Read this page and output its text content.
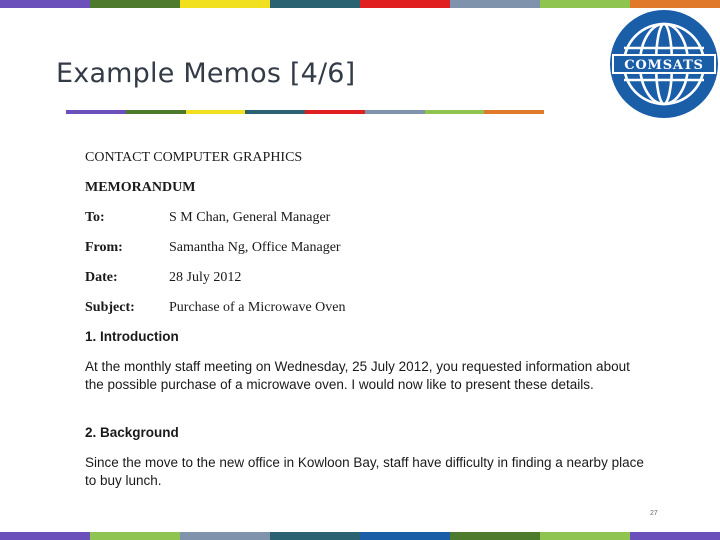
Example Memos [4/6]	COMSATS
CONTACT COMPUTER GRAPHICS
MEMORANDUM
To:	S M Chan, General Manager
From:	Samantha Ng, Office Manager
Date:	28 July 2012
Subject: Purchase of a Microwave Oven
1. Introduction
At the monthly staff meeting on Wednesday, 25 July 2012, you requested information about the possible purchase of a microwave oven. I would now like to present these details.
2. Background
Since the move to the new office in Kowloon Bay, staff have difficulty in finding a nearby place to buy lunch.
27
